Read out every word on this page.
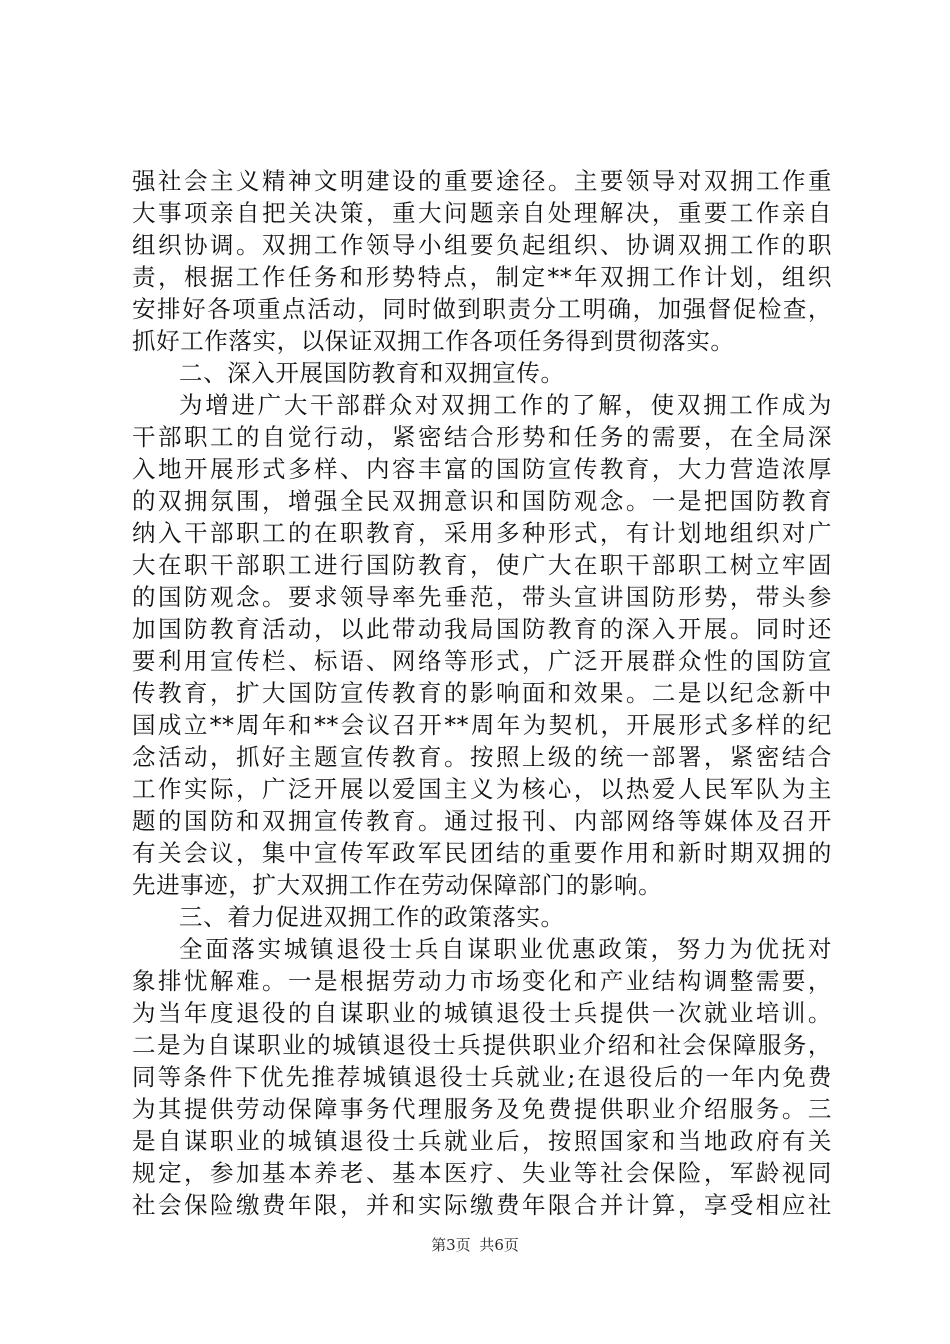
强社会主义精神文明建设的重要途径。主要领导对双拥工作重
大事项亲自把关决策，重大问题亲自处理解决，重要工作亲自
组织协调。双拥工作领导小组要负起组织、协调双拥工作的职
责，根据工作任务和形势特点，制定**年双拥工作计划，组织
安排好各项重点活动，同时做到职责分工明确，加强督促检查，
抓好工作落实，以保证双拥工作各项任务得到贯彻落实。
二、深入开展国防教育和双拥宣传。
为增进广大干部群众对双拥工作的了解，使双拥工作成为
干部职工的自觉行动，紧密结合形势和任务的需要，在全局深
入地开展形式多样、内容丰富的国防宣传教育，大力营造浓厚
的双拥氛围，增强全民双拥意识和国防观念。一是把国防教育
纳入干部职工的在职教育，采用多种形式，有计划地组织对广
大在职干部职工进行国防教育，使广大在职干部职工树立牢固
的国防观念。要求领导率先垂范，带头宣讲国防形势，带头参
加国防教育活动，以此带动我局国防教育的深入开展。同时还
要利用宣传栏、标语、网络等形式，广泛开展群众性的国防宣
传教育，扩大国防宣传教育的影响面和效果。二是以纪念新中
国成立**周年和**会议召开**周年为契机，开展形式多样的纪
念活动，抓好主题宣传教育。按照上级的统一部署，紧密结合
工作实际，广泛开展以爱国主义为核心，以热爱人民军队为主
题的国防和双拥宣传教育。通过报刊、内部网络等媒体及召开
有关会议，集中宣传军政军民团结的重要作用和新时期双拥的
先进事迹，扩大双拥工作在劳动保障部门的影响。
三、着力促进双拥工作的政策落实。
全面落实城镇退役士兵自谋职业优惠政策，努力为优抚对
象排忧解难。一是根据劳动力市场变化和产业结构调整需要，
为当年度退役的自谋职业的城镇退役士兵提供一次就业培训。
二是为自谋职业的城镇退役士兵提供职业介绍和社会保障服务，
同等条件下优先推荐城镇退役士兵就业;在退役后的一年内免费
为其提供劳动保障事务代理服务及免费提供职业介绍服务。三
是自谋职业的城镇退役士兵就业后，按照国家和当地政府有关
规定，参加基本养老、基本医疗、失业等社会保险，军龄视同
社会保险缴费年限，并和实际缴费年限合并计算，享受相应社
第3页 共6页
